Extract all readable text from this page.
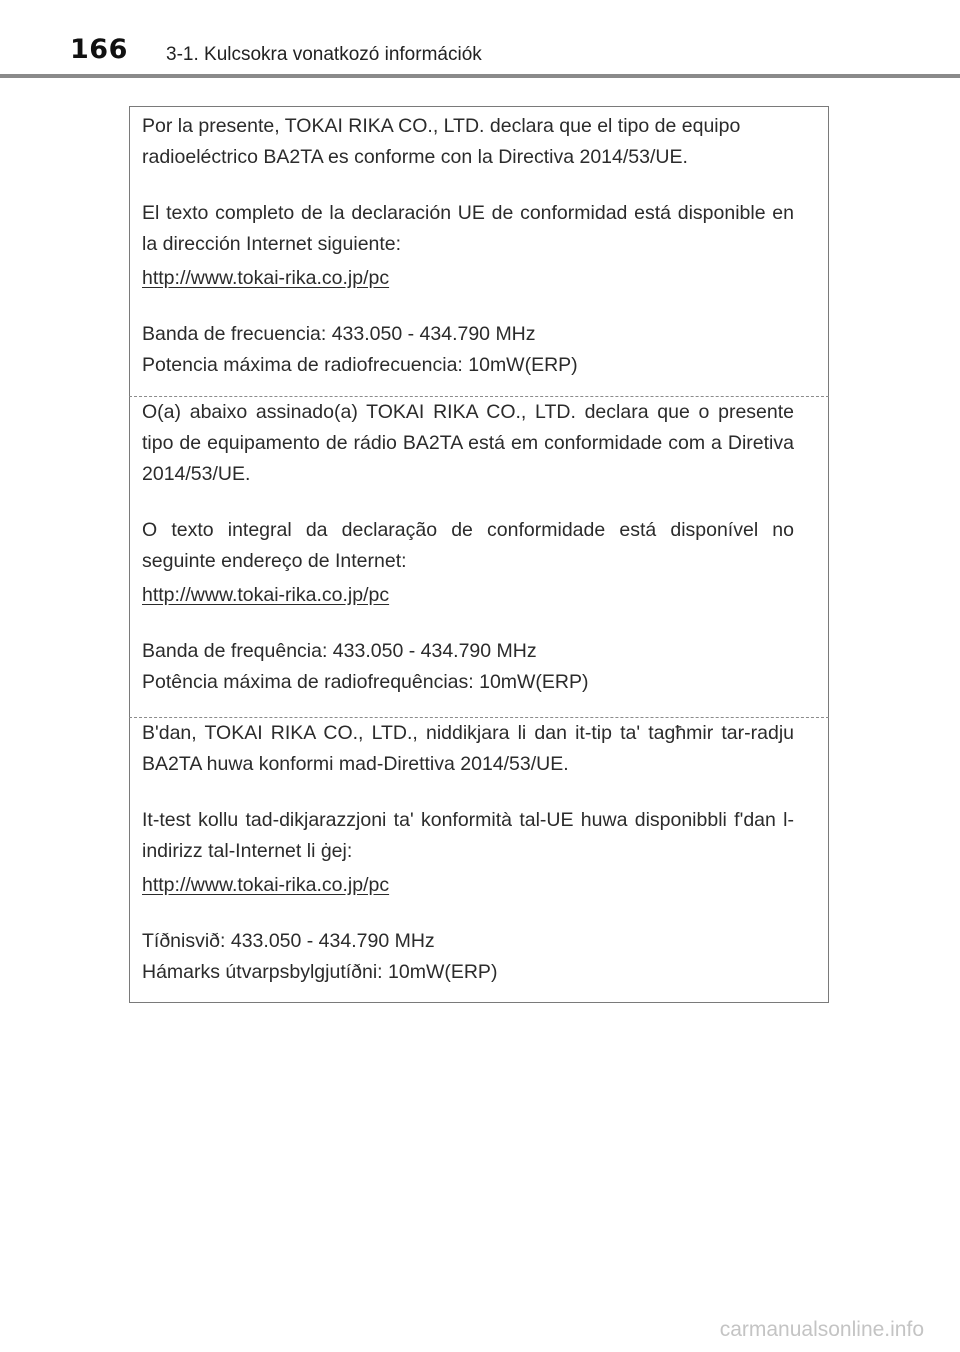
166 3-1. Kulcsokra vonatkozó információk

Por la presente, TOKAI RIKA CO., LTD. declara que el tipo de equipo radioeléctrico BA2TA es conforme con la Directiva 2014/53/UE.

El texto completo de la declaración UE de conformidad está disponible en la dirección Internet siguiente:

http://www.tokai-rika.co.jp/pc

Banda de frecuencia: 433.050 - 434.790 MHz

Potencia máxima de radiofrecuencia: 10mW(ERP)

O(a) abaixo assinado(a) TOKAI RIKA CO., LTD. declara que o presente tipo de equipamento de rádio BA2TA está em conformidade com a Diretiva 2014/53/UE.

O texto integral da declaração de conformidade está disponível no seguinte endereço de Internet:

http://www.tokai-rika.co.jp/pc

Banda de frequência: 433.050 - 434.790 MHz

Potência máxima de radiofrequências: 10mW(ERP)

B'dan, TOKAI RIKA CO., LTD., niddikjara li dan it-tip ta' tagħmir tar-radju BA2TA huwa konformi mad-Direttiva 2014/53/UE.

It-test kollu tad-dikjarazzjoni ta' konformità tal-UE huwa disponibbli f'dan l-indirizz tal-Internet li ġej:

http://www.tokai-rika.co.jp/pc

Tíðnisvið: 433.050 - 434.790 MHz

Hámarks útvarpsbylgjutíðni: 10mW(ERP)

carmanualsonline.info
